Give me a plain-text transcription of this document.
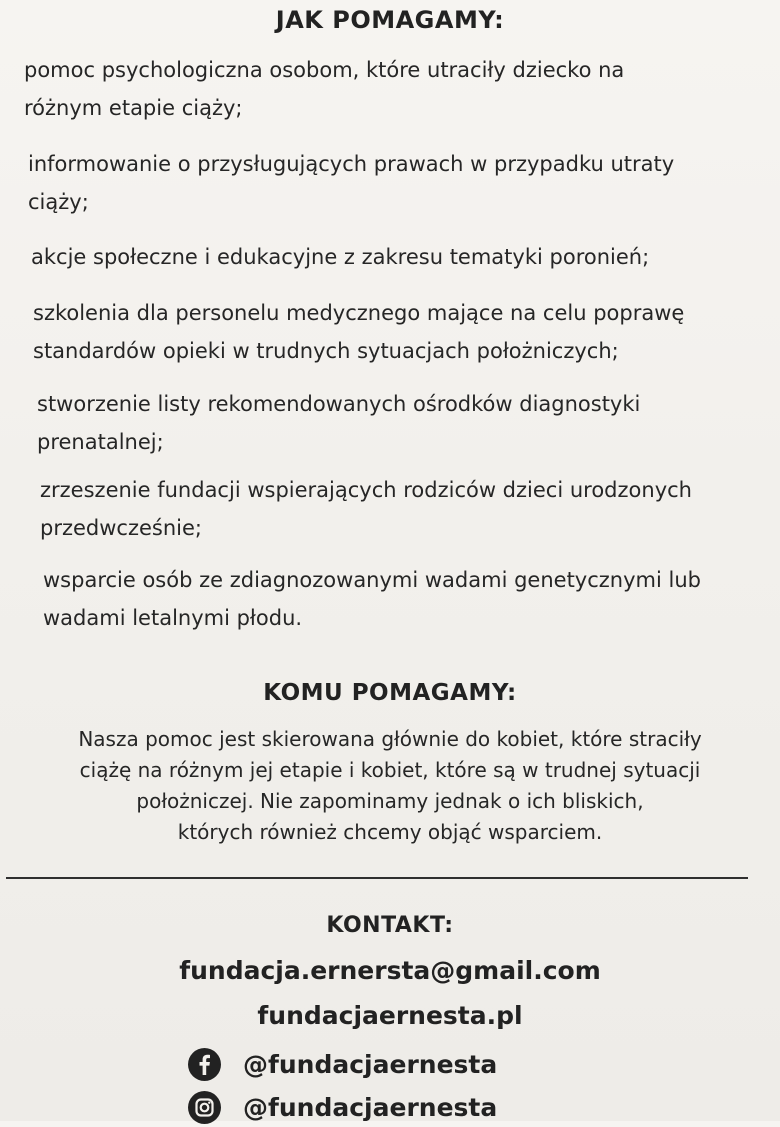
JAK POMAGAMY:
pomoc psychologiczna osobom, które utraciły dziecko na
różnym etapie ciąży;
informowanie o przysługujących prawach w przypadku utraty
ciąży;
akcje społeczne i edukacyjne z zakresu tematyki poronień;
szkolenia dla personelu medycznego mające na celu poprawę
standardów opieki w trudnych sytuacjach położniczych;
stworzenie listy rekomendowanych ośrodków diagnostyki
prenatalnej;
zrzeszenie fundacji wspierających rodziców dzieci urodzonych
przedwcześnie;
wsparcie osób ze zdiagnozowanymi wadami genetycznymi lub
wadami letalnymi płodu.
KOMU POMAGAMY:
Nasza pomoc jest skierowana głównie do kobiet, które straciły
ciążę na różnym jej etapie i kobiet, które są w trudnej sytuacji
położniczej. Nie zapominamy jednak o ich bliskich,
których również chcemy objąć wsparciem.
KONTAKT:
fundacja.ernersta@gmail.com
fundacjaernesta.pl
@fundacjaernesta
@fundacjaernesta
